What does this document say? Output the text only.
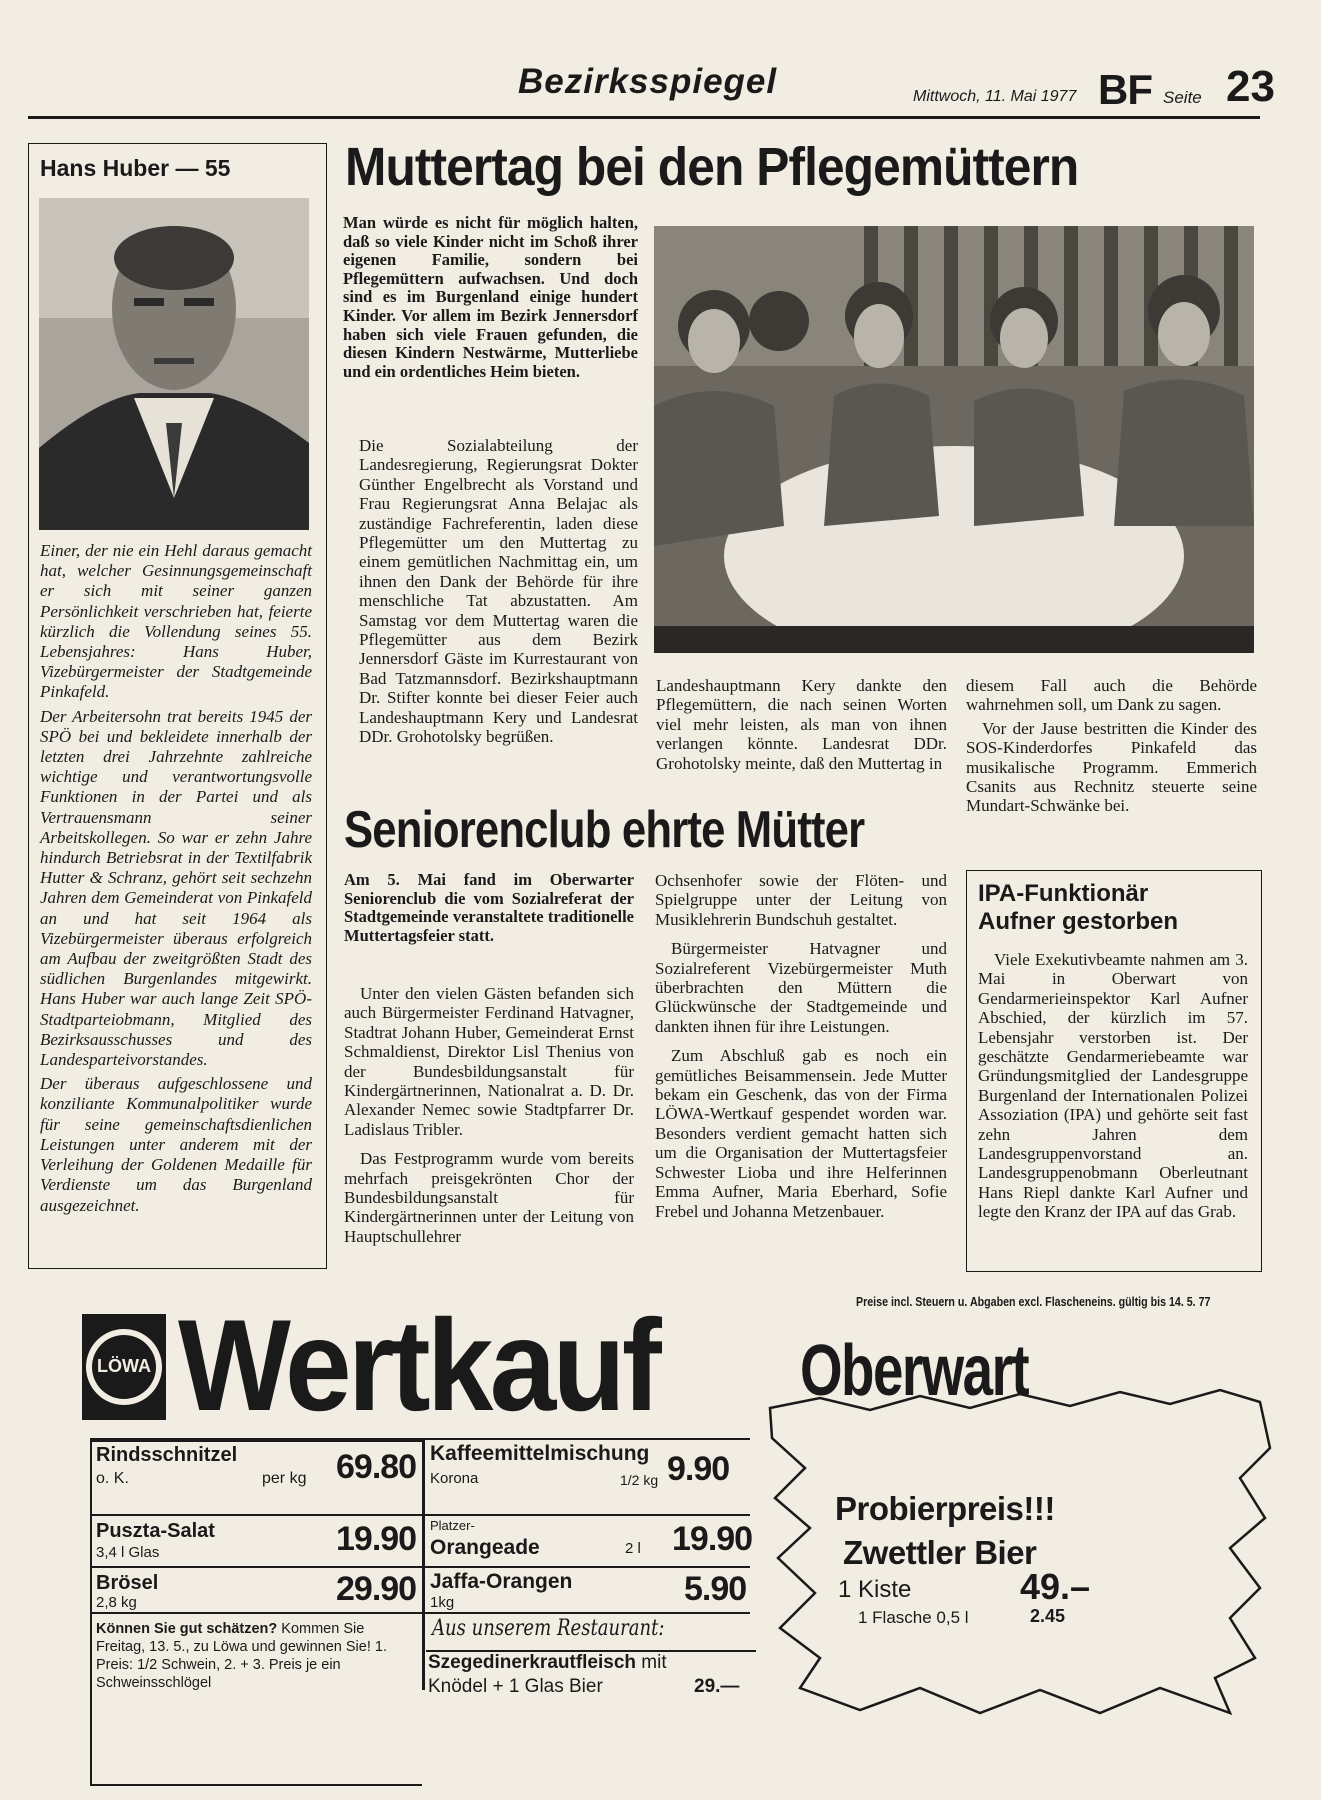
Bezirksspiegel	Mittwoch, 11. Mai 1977 BF Seite 23
Hans Huber — 55

Einer, der nie ein Hehl daraus gemacht hat, welcher Gesinnungsgemeinschaft er sich mit seiner ganzen Persönlichkeit verschrieben hat, feierte kürzlich die Vollendung seines 55. Lebensjahres: Hans Huber, Vizebürgermeister der Stadtgemeinde Pinkafeld.

Der Arbeitersohn trat bereits 1945 der SPÖ bei und bekleidete innerhalb der letzten drei Jahrzehnte zahlreiche wichtige und verantwortungsvolle Funktionen in der Partei und als Vertrauensmann seiner Arbeitskollegen. So war er zehn Jahre hindurch Betriebsrat in der Textilfabrik Hutter & Schranz, gehört seit sechzehn Jahren dem Gemeinderat von Pinkafeld an und hat seit 1964 als Vizebürgermeister überaus erfolgreich am Aufbau der zweitgrößten Stadt des südlichen Burgenlandes mitgewirkt. Hans Huber war auch lange Zeit SPÖ-Stadtparteiobmann, Mitglied des Bezirksausschusses und des Landesparteivorstandes.

Der überaus aufgeschlossene und konziliante Kommunalpolitiker wurde für seine gemeinschaftsdienlichen Leistungen unter anderem mit der Verleihung der Goldenen Medaille für Verdienste um das Burgenland ausgezeichnet.

Muttertag bei den Pflegemüttern
Man würde es nicht für möglich halten, daß so viele Kinder nicht im Schoß ihrer eigenen Familie, sondern bei Pflegemüttern aufwachsen. Und doch sind es im Burgenland einige hundert Kinder. Vor allem im Bezirk Jennersdorf haben sich viele Frauen gefunden, die diesen Kindern Nestwärme, Mutterliebe und ein ordentliches Heim bieten.
Die Sozialabteilung der Landesregierung, Regierungsrat Dokter Günther Engelbrecht als Vorstand und Frau Regierungsrat Anna Belajac als zuständige Fachreferentin, laden diese Pflegemütter um den Muttertag zu einem gemütlichen Nachmittag ein, um ihnen den Dank der Behörde für ihre menschliche Tat abzustatten. Am Samstag vor dem Muttertag waren die Pflegemütter aus dem Bezirk Jennersdorf Gäste im Kurrestaurant von Bad Tatzmannsdorf. Bezirkshauptmann Dr. Stifter konnte bei dieser Feier auch Landeshauptmann Kery und Landesrat DDr. Grohotolsky begrüßen.
Landeshauptmann Kery dankte den Pflegemüttern, die nach seinen Worten viel mehr leisten, als man von ihnen verlangen könnte. Landesrat DDr. Grohotolsky meinte, daß den Muttertag in

diesem Fall auch die Behörde wahrnehmen soll, um Dank zu sagen.

Vor der Jause bestritten die Kinder des SOS-Kinderdorfes Pinkafeld das musikalische Programm. Emmerich Csanits aus Rechnitz steuerte seine Mundart-Schwänke bei.

Seniorenclub ehrte Mütter
Am 5. Mai fand im Oberwarter Seniorenclub die vom Sozialreferat der Stadtgemeinde veranstaltete traditionelle Muttertagsfeier statt.

Unter den vielen Gästen befanden sich auch Bürgermeister Ferdinand Hatvagner, Stadtrat Johann Huber, Gemeinderat Ernst Schmaldienst, Direktor Lisl Thenius von der Bundesbildungsanstalt für Kindergärtnerinnen, Nationalrat a. D. Dr. Alexander Nemec sowie Stadtpfarrer Dr. Ladislaus Tribler.

Das Festprogramm wurde vom bereits mehrfach preisgekrönten Chor der Bundesbildungsanstalt für Kindergärtnerinnen unter der Leitung von Hauptschullehrer

Ochsenhofer sowie der Flöten- und Spielgruppe unter der Leitung von Musiklehrerin Bundschuh gestaltet.

Bürgermeister Hatvagner und Sozialreferent Vizebürgermeister Muth überbrachten den Müttern die Glückwünsche der Stadtgemeinde und dankten ihnen für ihre Leistungen.

Zum Abschluß gab es noch ein gemütliches Beisammensein. Jede Mutter bekam ein Geschenk, das von der Firma LÖWA-Wertkauf gespendet worden war. Besonders verdient gemacht hatten sich um die Organisation der Muttertagsfeier Schwester Lioba und ihre Helferinnen Emma Aufner, Maria Eberhard, Sofie Frebel und Johanna Metzenbauer.

IPA-Funktionär
Aufner gestorben
Viele Exekutivbeamte nahmen am 3. Mai in Oberwart von Gendarmerieinspektor Karl Aufner Abschied, der kürzlich im 57. Lebensjahr verstorben ist. Der geschätzte Gendarmeriebeamte war Gründungsmitglied der Landesgruppe Burgenland der Internationalen Polizei Assoziation (IPA) und gehörte seit fast zehn Jahren dem Landesgruppenvorstand an. Landesgruppenobmann Oberleutnant Hans Riepl dankte Karl Aufner und legte den Kranz der IPA auf das Grab.
Preise incl. Steuern u. Abgaben excl. Flascheneins. gültig bis 14. 5. 77
LÖWA Wertkauf Oberwart
Rindsschnitzel
o. K.	per kg 69.80
Puszta-Salat
3,4 l Glas	19.90
Brösel
2,8 kg	29.90
Kaffeemittelmischung
Korona	1/2 kg 9.90
Platzer-
Orangeade	2 l 19.90
Jaffa-Orangen
1kg	5.90
Können Sie gut schätzen? Kommen Sie Freitag, 13. 5., zu Löwa und gewinnen Sie! 1. Preis: 1/2 Schwein, 2. + 3. Preis je ein Schweinsschlögel
Aus unserem Restaurant:
Szegedinerkrautfleisch mit
Knödel + 1 Glas Bier	29.—
Probierpreis!!!
Zwettler Bier
1 Kiste	49.–
1 Flasche 0,5 l	2.45
